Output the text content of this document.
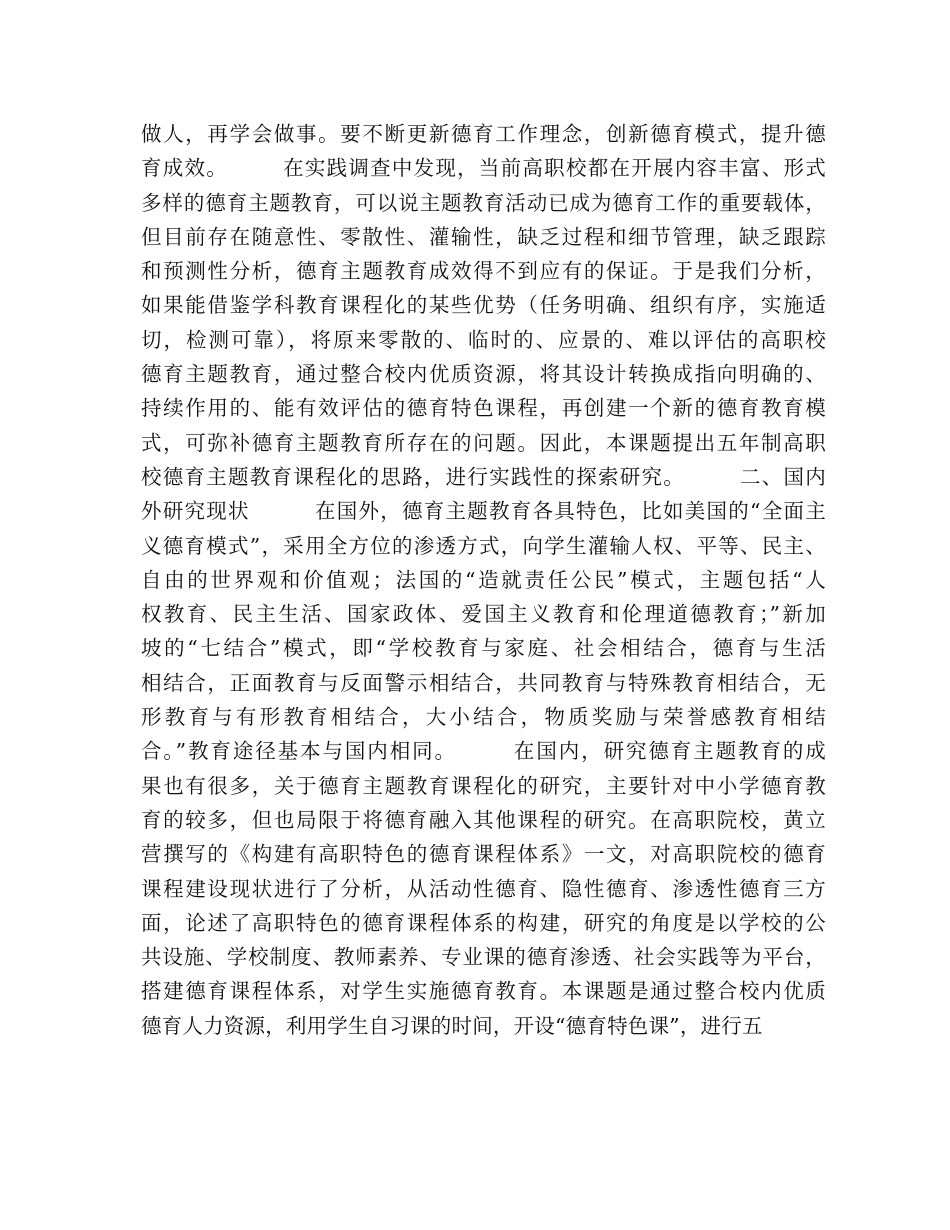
做人，再学会做事。要不断更新德育工作理念，创新德育模式，提升德
育成效。　　　在实践调查中发现，当前高职校都在开展内容丰富、形式
多样的德育主题教育，可以说主题教育活动已成为德育工作的重要载体，
但目前存在随意性、零散性、灌输性，缺乏过程和细节管理，缺乏跟踪
和预测性分析，德育主题教育成效得不到应有的保证。于是我们分析，
如果能借鉴学科教育课程化的某些优势（任务明确、组织有序，实施适
切，检测可靠），将原来零散的、临时的、应景的、难以评估的高职校
德育主题教育，通过整合校内优质资源，将其设计转换成指向明确的、
持续作用的、能有效评估的德育特色课程，再创建一个新的德育教育模
式，可弥补德育主题教育所存在的问题。因此，本课题提出五年制高职
校德育主题教育课程化的思路，进行实践性的探索研究。　　　二、国内
外研究现状　　　在国外，德育主题教育各具特色，比如美国的“全面主
义德育模式”，采用全方位的渗透方式，向学生灌输人权、平等、民主、
自由的世界观和价值观；法国的“造就责任公民”模式，主题包括“人
权教育、民主生活、国家政体、爱国主义教育和伦理道德教育；”新加
坡的“七结合”模式，即“学校教育与家庭、社会相结合，德育与生活
相结合，正面教育与反面警示相结合，共同教育与特殊教育相结合，无
形教育与有形教育相结合，大小结合，物质奖励与荣誉感教育相结
合。”教育途径基本与国内相同。　　　在国内，研究德育主题教育的成
果也有很多，关于德育主题教育课程化的研究，主要针对中小学德育教
育的较多，但也局限于将德育融入其他课程的研究。在高职院校，黄立
营撰写的《构建有高职特色的德育课程体系》一文，对高职院校的德育
课程建设现状进行了分析，从活动性德育、隐性德育、渗透性德育三方
面，论述了高职特色的德育课程体系的构建，研究的角度是以学校的公
共设施、学校制度、教师素养、专业课的德育渗透、社会实践等为平台，
搭建德育课程体系，对学生实施德育教育。本课题是通过整合校内优质
德育人力资源，利用学生自习课的时间，开设“德育特色课”，进行五
